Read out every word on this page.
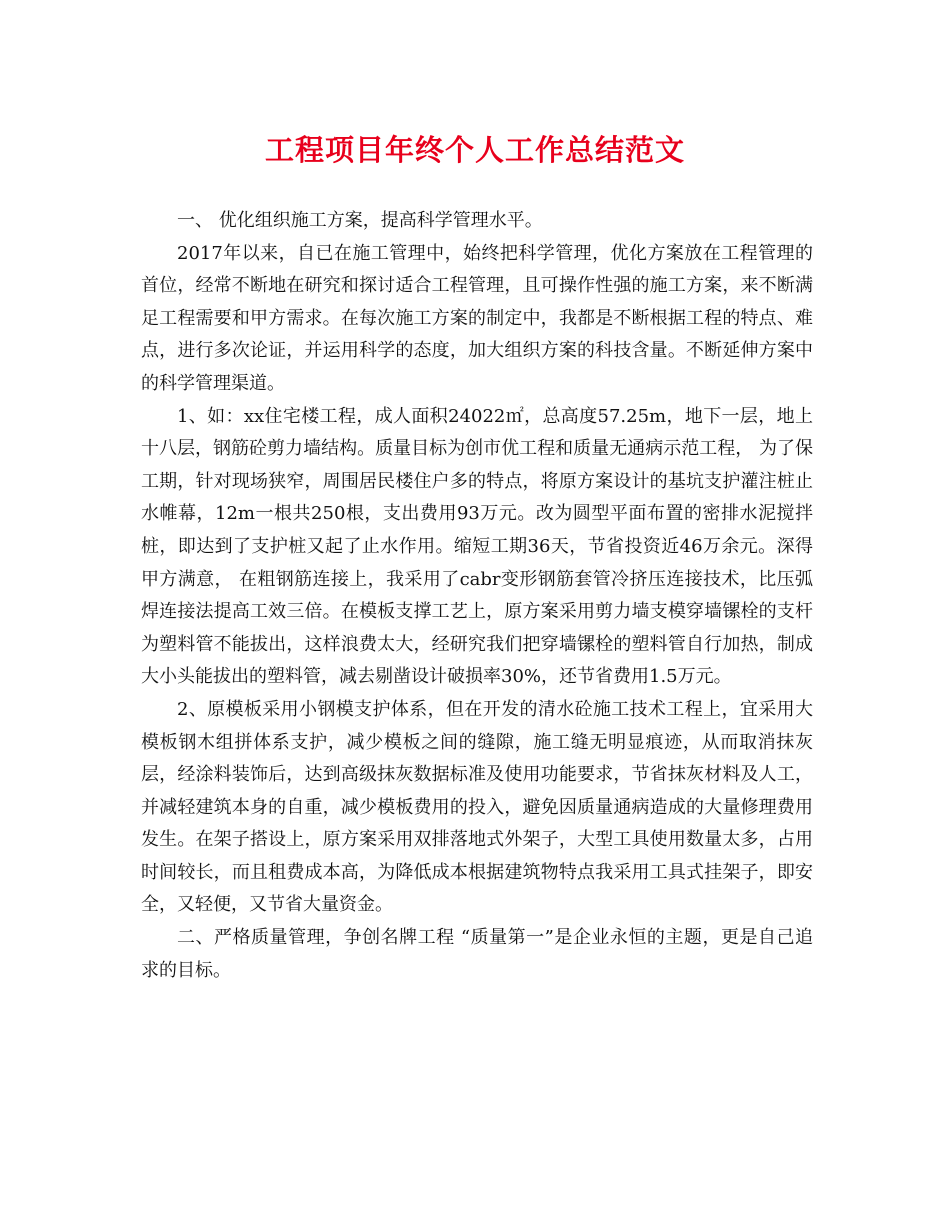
工程项目年终个人工作总结范文

一、 优化组织施工方案，提高科学管理水平。

2017年以来，自已在施工管理中，始终把科学管理，优化方案放在工程管理的首位，经常不断地在研究和探讨适合工程管理，且可操作性强的施工方案，来不断满足工程需要和甲方需求。在每次施工方案的制定中，我都是不断根据工程的特点、难点，进行多次论证，并运用科学的态度，加大组织方案的科技含量。不断延伸方案中的科学管理渠道。

1、如：xx住宅楼工程，成人面积24022㎡，总高度57.25m，地下一层，地上十八层，钢筋砼剪力墙结构。质量目标为创市优工程和质量无通病示范工程， 为了保工期，针对现场狭窄，周围居民楼住户多的特点，将原方案设计的基坑支护灌注桩止水帷幕，12m一根共250根，支出费用93万元。改为圆型平面布置的密排水泥搅拌桩，即达到了支护桩又起了止水作用。缩短工期36天，节省投资近46万余元。深得甲方满意， 在粗钢筋连接上，我采用了cabr变形钢筋套管冷挤压连接技术，比压弧焊连接法提高工效三倍。在模板支撑工艺上，原方案采用剪力墙支模穿墙镙栓的支杆为塑料管不能拔出，这样浪费太大，经研究我们把穿墙镙栓的塑料管自行加热，制成大小头能拔出的塑料管，减去剔凿设计破损率30%，还节省费用1.5万元。

2、原模板采用小钢模支护体系，但在开发的清水砼施工技术工程上，宜采用大模板钢木组拼体系支护，减少模板之间的缝隙，施工缝无明显痕迹，从而取消抹灰层，经涂料装饰后，达到高级抹灰数据标准及使用功能要求，节省抹灰材料及人工，并减轻建筑本身的自重，减少模板费用的投入，避免因质量通病造成的大量修理费用发生。在架子搭设上，原方案采用双排落地式外架子，大型工具使用数量太多，占用时间较长，而且租费成本高，为降低成本根据建筑物特点我采用工具式挂架子，即安全，又轻便，又节省大量资金。

二、严格质量管理，争创名牌工程 “质量第一”是企业永恒的主题，更是自己追求的目标。
